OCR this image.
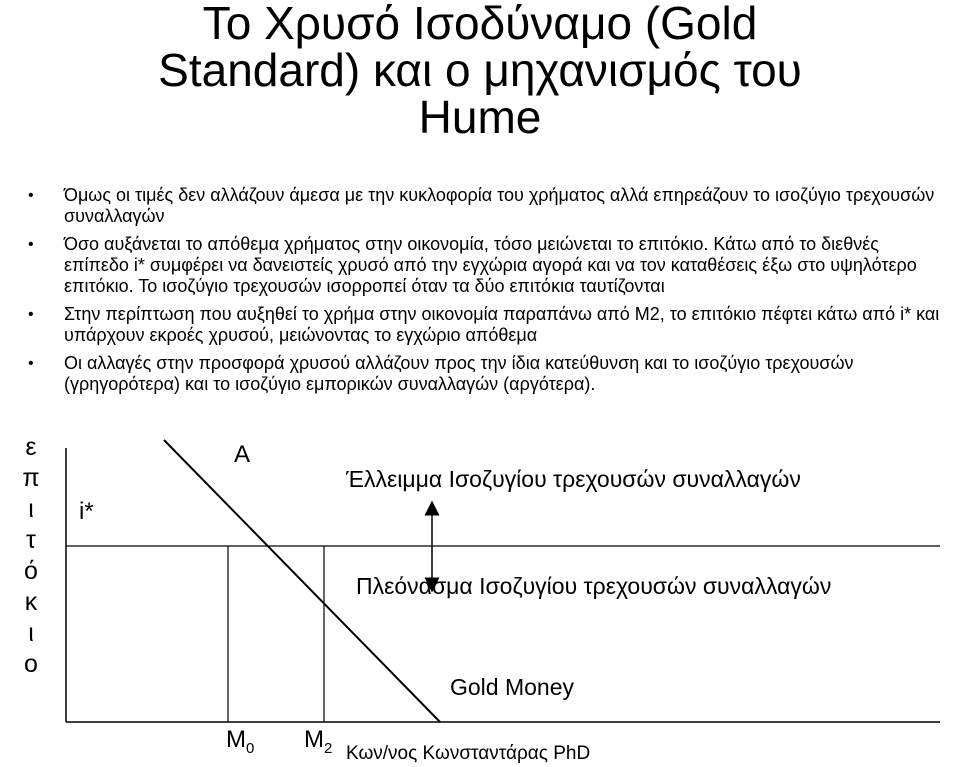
Το Χρυσό Ισοδύναμο (Gold
Standard) και ο μηχανισμός του
Hume
• Όμως οι τιμές δεν αλλάζουν άμεσα με την κυκλοφορία του χρήματος αλλά επηρεάζουν το ισοζύγιο τρεχουσών συναλλαγών
• Όσο αυξάνεται το απόθεμα χρήματος στην οικονομία, τόσο μειώνεται το επιτόκιο. Κάτω από το διεθνές επίπεδο i* συμφέρει να δανειστείς χρυσό από την εγχώρια αγορά και να τον καταθέσεις έξω στο υψηλότερο επιτόκιο. Το ισοζύγιο τρεχουσών ισορροπεί όταν τα δύο επιτόκια ταυτίζονται
• Στην περίπτωση που αυξηθεί το χρήμα στην οικονομία παραπάνω από Μ2, το επιτόκιο πέφτει κάτω από i* και υπάρχουν εκροές χρυσού, μειώνοντας το εγχώριο απόθεμα
• Οι αλλαγές στην προσφορά χρυσού αλλάζουν προς την ίδια κατεύθυνση και το ισοζύγιο τρεχουσών (γρηγορότερα) και το ισοζύγιο εμπορικών συναλλαγών (αργότερα).
ε
π
ι
τ
ό
κ
ι
ο
i*
A
Έλλειμμα Ισοζυγίου τρεχουσών συναλλαγών
Πλεόνασμα Ισοζυγίου τρεχουσών συναλλαγών
Gold Money
$M_0$ $M_2$ Κων/νος Κωνσταντάρας PhD
